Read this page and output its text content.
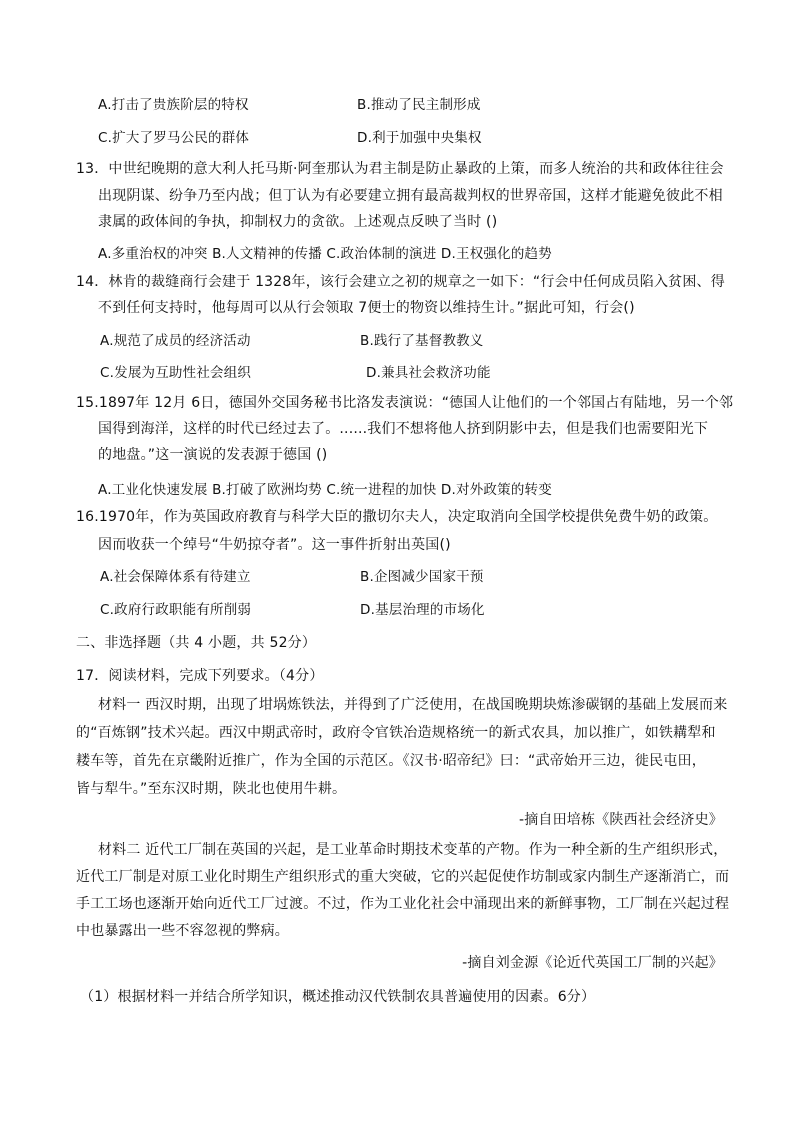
A.打击了贵族阶层的特权	B.推动了民主制形成
C.扩大了罗马公民的群体	D.利于加强中央集权
13．中世纪晚期的意大利人托马斯·阿奎那认为君主制是防止暴政的上策，而多人统治的共和政体往往会
出现阴谋、纷争乃至内战；但丁认为有必要建立拥有最高裁判权的世界帝国，这样才能避免彼此不相
隶属的政体间的争执，抑制权力的贪欲。上述观点反映了当时 ()
A.多重治权的冲突 B.人文精神的传播 C.政治体制的演进 D.王权强化的趋势
14．林肯的裁缝商行会建于 1328年，该行会建立之初的规章之一如下：“行会中任何成员陷入贫困、得
不到任何支持时，他每周可以从行会领取 7便士的物资以维持生计。”据此可知，行会()
A.规范了成员的经济活动	B.践行了基督教教义
C.发展为互助性社会组织	D.兼具社会救济功能
15.1897年 12月 6日，德国外交国务秘书比洛发表演说：“德国人让他们的一个邻国占有陆地，另一个邻
国得到海洋，这样的时代已经过去了。......我们不想将他人挤到阴影中去，但是我们也需要阳光下
的地盘。”这一演说的发表源于德国 ()
A.工业化快速发展 B.打破了欧洲均势 C.统一进程的加快 D.对外政策的转变
16.1970年，作为英国政府教育与科学大臣的撒切尔夫人，决定取消向全国学校提供免费牛奶的政策。
因而收获一个绰号“牛奶掠夺者”。这一事件折射出英国()
A.社会保障体系有待建立	B.企图减少国家干预
C.政府行政职能有所削弱	D.基层治理的市场化
二、非选择题（共 4 小题，共 52分）
17．阅读材料，完成下列要求。（4分）
材料一 西汉时期，出现了坩埚炼铁法，并得到了广泛使用，在战国晚期块炼渗碳钢的基础上发展而来
的“百炼钢”技术兴起。西汉中期武帝时，政府令官铁冶造规格统一的新式农具，加以推广，如铁耩犁和
耧车等，首先在京畿附近推广，作为全国的示范区。《汉书·昭帝纪》曰：“武帝始开三边，徙民屯田，
皆与犁牛。”至东汉时期，陕北也使用牛耕。
-摘自田培栋《陕西社会经济史》
材料二 近代工厂制在英国的兴起，是工业革命时期技术变革的产物。作为一种全新的生产组织形式，
近代工厂制是对原工业化时期生产组织形式的重大突破，它的兴起促使作坊制或家内制生产逐渐消亡，而
手工工场也逐渐开始向近代工厂过渡。不过，作为工业化社会中涌现出来的新鲜事物，工厂制在兴起过程
中也暴露出一些不容忽视的弊病。
-摘自刘金源《论近代英国工厂制的兴起》
（1）根据材料一并结合所学知识，概述推动汉代铁制农具普遍使用的因素。6分）
